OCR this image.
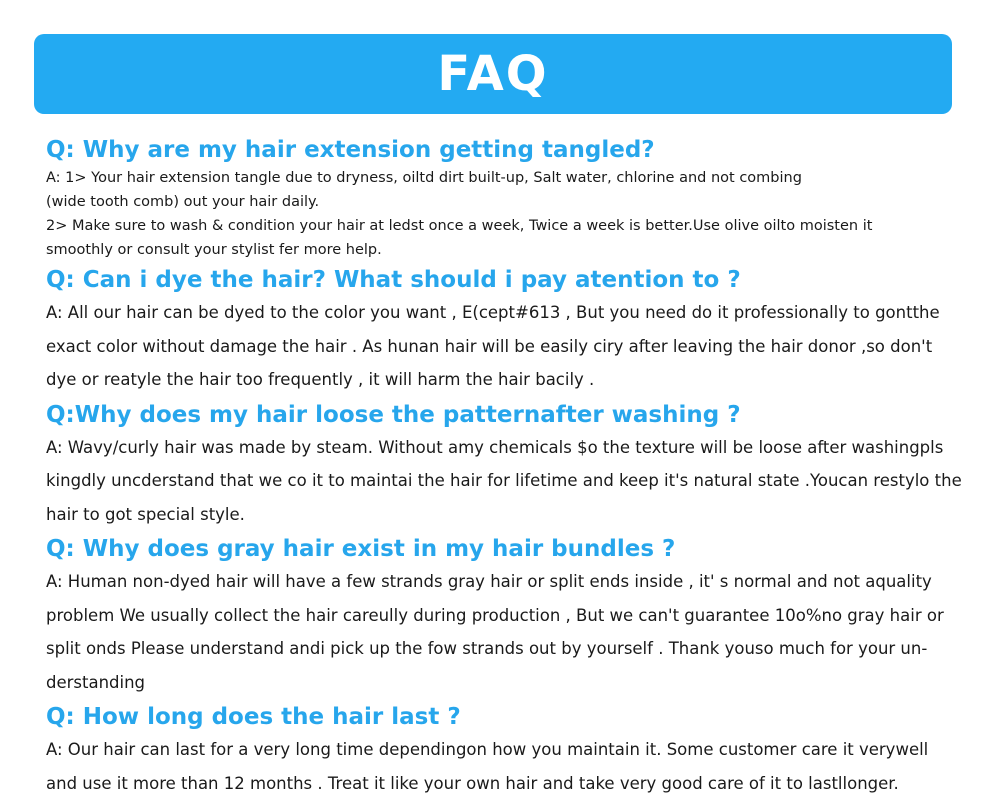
FAQ
Q: Why are my hair extension getting tangled?

A: 1> Your hair extension tangle due to dryness, oiltd dirt built-up, Salt water, chlorine and not combing

(wide tooth comb) out your hair daily.

2> Make sure to wash & condition your hair at ledst once a week, Twice a week is better.Use olive oilto moisten it

smoothly or consult your stylist fer more help.

Q: Can i dye the hair? What should i pay atention to ?
A: All our hair can be dyed to the color you want , E(cept#613 , But you need do it professionally to gontthe exact color without damage the hair . As hunan hair will be easily ciry after leaving the hair donor ,so don't dye or reatyle the hair too frequently , it will harm the hair bacily .
Q:Why does my hair loose the patternafter washing ?
A: Wavy/curly hair was made by steam. Without amy chemicals $o the texture will be loose after washingpls kingdly uncderstand that we co it to maintai the hair for lifetime and keep it's natural state .Youcan restylo the hair to got special style.
Q: Why does gray hair exist in my hair bundles ?
A: Human non-dyed hair will have a few strands gray hair or split ends inside , it' s normal and not aquality problem We usually collect the hair careully during production , But we can't guarantee 10o%no gray hair or split onds Please understand andi pick up the fow strands out by yourself . Thank youso much for your un-derstanding
Q: How long does the hair last ?
A: Our hair can last for a very long time dependingon how you maintain it. Some customer care it verywell and use it more than 12 months . Treat it like your own hair and take very good care of it to lastllonger.
